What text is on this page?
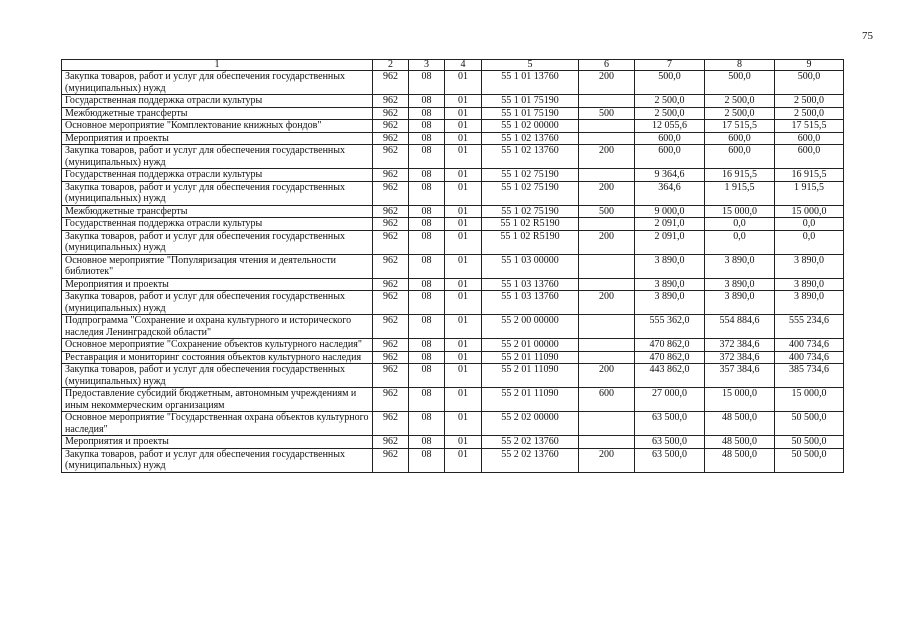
75
1	2	3	4	5	6	7	8	9
Закупка товаров, работ и услуг для обеспечения государственных (муниципальных) нужд	962	08	01	55 1 01 13760	200	500,0	500,0	500,0
Государственная поддержка отрасли культуры	962	08	01	55 1 01 75190		2 500,0	2 500,0	2 500,0
Межбюджетные трансферты	962	08	01	55 1 01 75190	500	2 500,0	2 500,0	2 500,0
Основное мероприятие "Комплектование книжных фондов"	962	08	01	55 1 02 00000		12 055,6	17 515,5	17 515,5
Мероприятия и проекты	962	08	01	55 1 02 13760		600,0	600,0	600,0
Закупка товаров, работ и услуг для обеспечения государственных (муниципальных) нужд	962	08	01	55 1 02 13760	200	600,0	600,0	600,0
Государственная поддержка отрасли культуры	962	08	01	55 1 02 75190		9 364,6	16 915,5	16 915,5
Закупка товаров, работ и услуг для обеспечения государственных (муниципальных) нужд	962	08	01	55 1 02 75190	200	364,6	1 915,5	1 915,5
Межбюджетные трансферты	962	08	01	55 1 02 75190	500	9 000,0	15 000,0	15 000,0
Государственная поддержка отрасли культуры	962	08	01	55 1 02 R5190		2 091,0	0,0	0,0
Закупка товаров, работ и услуг для обеспечения государственных (муниципальных) нужд	962	08	01	55 1 02 R5190	200	2 091,0	0,0	0,0
Основное мероприятие "Популяризация чтения и деятельности библиотек"	962	08	01	55 1 03 00000		3 890,0	3 890,0	3 890,0
Мероприятия и проекты	962	08	01	55 1 03 13760		3 890,0	3 890,0	3 890,0
Закупка товаров, работ и услуг для обеспечения государственных (муниципальных) нужд	962	08	01	55 1 03 13760	200	3 890,0	3 890,0	3 890,0
Подпрограмма "Сохранение и охрана культурного и исторического наследия Ленинградской области"	962	08	01	55 2 00 00000		555 362,0	554 884,6	555 234,6
Основное мероприятие "Сохранение объектов культурного наследия"	962	08	01	55 2 01 00000		470 862,0	372 384,6	400 734,6
Реставрация и мониторинг состояния объектов культурного наследия	962	08	01	55 2 01 11090		470 862,0	372 384,6	400 734,6
Закупка товаров, работ и услуг для обеспечения государственных (муниципальных) нужд	962	08	01	55 2 01 11090	200	443 862,0	357 384,6	385 734,6
Предоставление субсидий бюджетным, автономным учреждениям и иным некоммерческим организациям	962	08	01	55 2 01 11090	600	27 000,0	15 000,0	15 000,0
Основное мероприятие "Государственная охрана объектов культурного наследия"	962	08	01	55 2 02 00000		63 500,0	48 500,0	50 500,0
Мероприятия и проекты	962	08	01	55 2 02 13760		63 500,0	48 500,0	50 500,0
Закупка товаров, работ и услуг для обеспечения государственных (муниципальных) нужд	962	08	01	55 2 02 13760	200	63 500,0	48 500,0	50 500,0
